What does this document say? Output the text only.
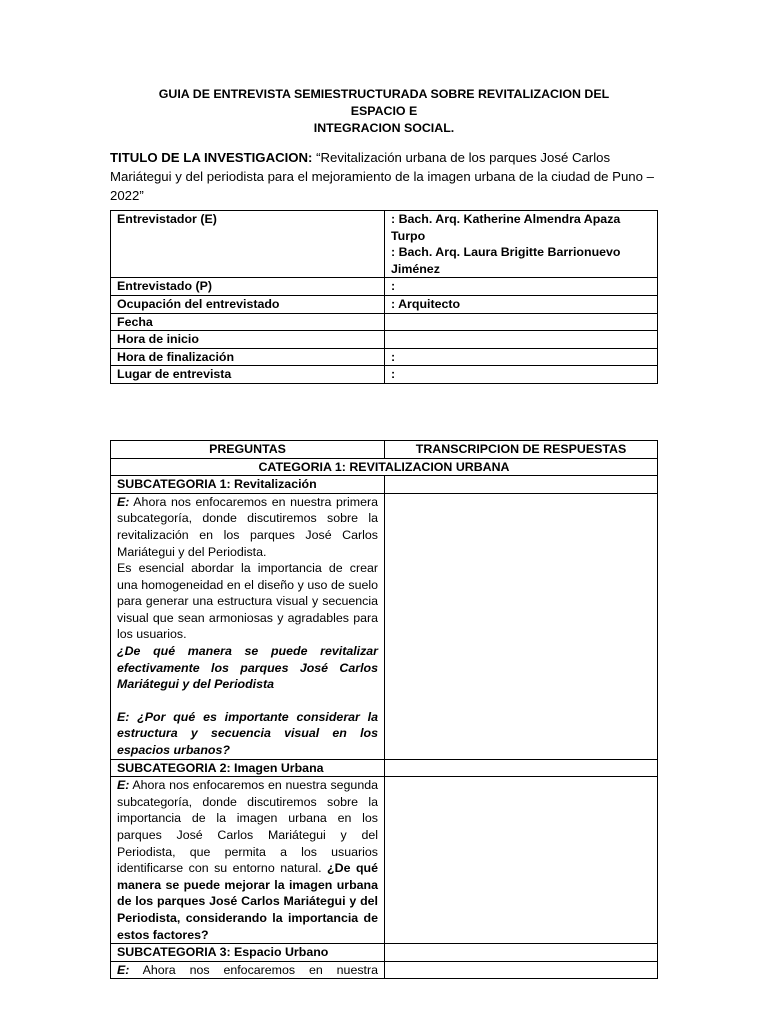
GUIA DE ENTREVISTA SEMIESTRUCTURADA SOBRE REVITALIZACION DEL ESPACIO E
INTEGRACION SOCIAL.
TITULO DE LA INVESTIGACION: “Revitalización urbana de los parques José Carlos Mariátegui y del periodista para el mejoramiento de la imagen urbana de la ciudad de Puno – 2022”
Entrevistador (E)	: Bach. Arq. Katherine Almendra Apaza Turpo
: Bach. Arq. Laura Brigitte Barrionuevo Jiménez

Entrevistado (P)	:
Ocupación del entrevistado	: Arquitecto
Fecha	
Hora de inicio	
Hora de finalización	:
Lugar de entrevista	:
PREGUNTAS	TRANSCRIPCION DE RESPUESTAS
CATEGORIA 1: REVITALIZACION URBANA	
SUBCATEGORIA 1: Revitalización	

E: Ahora nos enfocaremos en nuestra primera subcategoría, donde discutiremos sobre la revitalización en los parques José Carlos Mariátegui y del Periodista.

Es esencial abordar la importancia de crear una homogeneidad en el diseño y uso de suelo para generar una estructura visual y secuencia visual que sean armoniosas y agradables para los usuarios.

¿De qué manera se puede revitalizar efectivamente los parques José Carlos Mariátegui y del Periodista

E: ¿Por qué es importante considerar la estructura y secuencia visual en los espacios urbanos?	

SUBCATEGORIA 2: Imagen Urbana	

E: Ahora nos enfocaremos en nuestra segunda subcategoría, donde discutiremos sobre la importancia de la imagen urbana en los parques José Carlos Mariátegui y del Periodista, que permita a los usuarios identificarse con su entorno natural. ¿De qué manera se puede mejorar la imagen urbana de los parques José Carlos Mariátegui y del Periodista, considerando la importancia de estos factores?	

SUBCATEGORIA 3: Espacio Urbano	
E: Ahora nos enfocaremos en nuestra	
